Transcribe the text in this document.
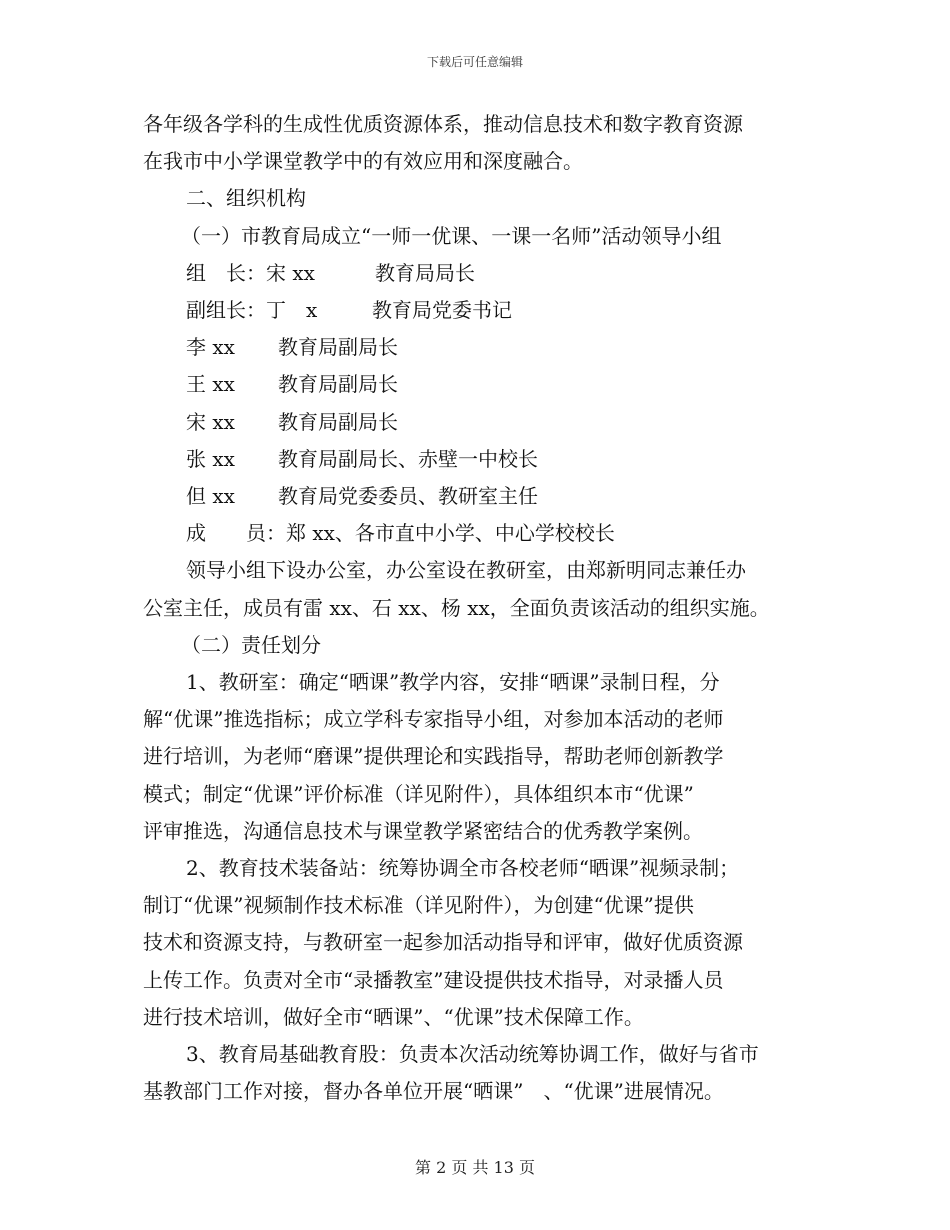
下载后可任意编辑

各年级各学科的生成性优质资源体系，推动信息技术和数字教育资源

在我市中小学课堂教学中的有效应用和深度融合。

二、组织机构

（一）市教育局成立“一师一优课、一课一名师”活动领导小组

组　长：宋 xx	教育局局长
副组长：丁　x	教育局党委书记
李 xx	教育局副局长
王 xx	教育局副局长
宋 xx	教育局副局长
张 xx	教育局副局长、赤壁一中校长
但 xx	教育局党委委员、教研室主任

成　　员：郑 xx、各市直中小学、中心学校校长

领导小组下设办公室，办公室设在教研室，由郑新明同志兼任办

公室主任，成员有雷 xx、石 xx、杨 xx，全面负责该活动的组织实施。

（二）责任划分

1、教研室：确定“晒课”教学内容，安排“晒课”录制日程，分

解“优课”推选指标；成立学科专家指导小组，对参加本活动的老师

进行培训，为老师“磨课”提供理论和实践指导，帮助老师创新教学

模式；制定“优课”评价标准（详见附件），具体组织本市“优课”

评审推选，沟通信息技术与课堂教学紧密结合的优秀教学案例。

2、教育技术装备站：统筹协调全市各校老师“晒课”视频录制；

制订“优课”视频制作技术标准（详见附件），为创建“优课”提供

技术和资源支持，与教研室一起参加活动指导和评审，做好优质资源

上传工作。负责对全市“录播教室”建设提供技术指导，对录播人员

进行技术培训，做好全市“晒课”、“优课”技术保障工作。

3、教育局基础教育股：负责本次活动统筹协调工作，做好与省市

基教部门工作对接，督办各单位开展“晒课”　、“优课”进展情况。

第 2 页 共 13 页
